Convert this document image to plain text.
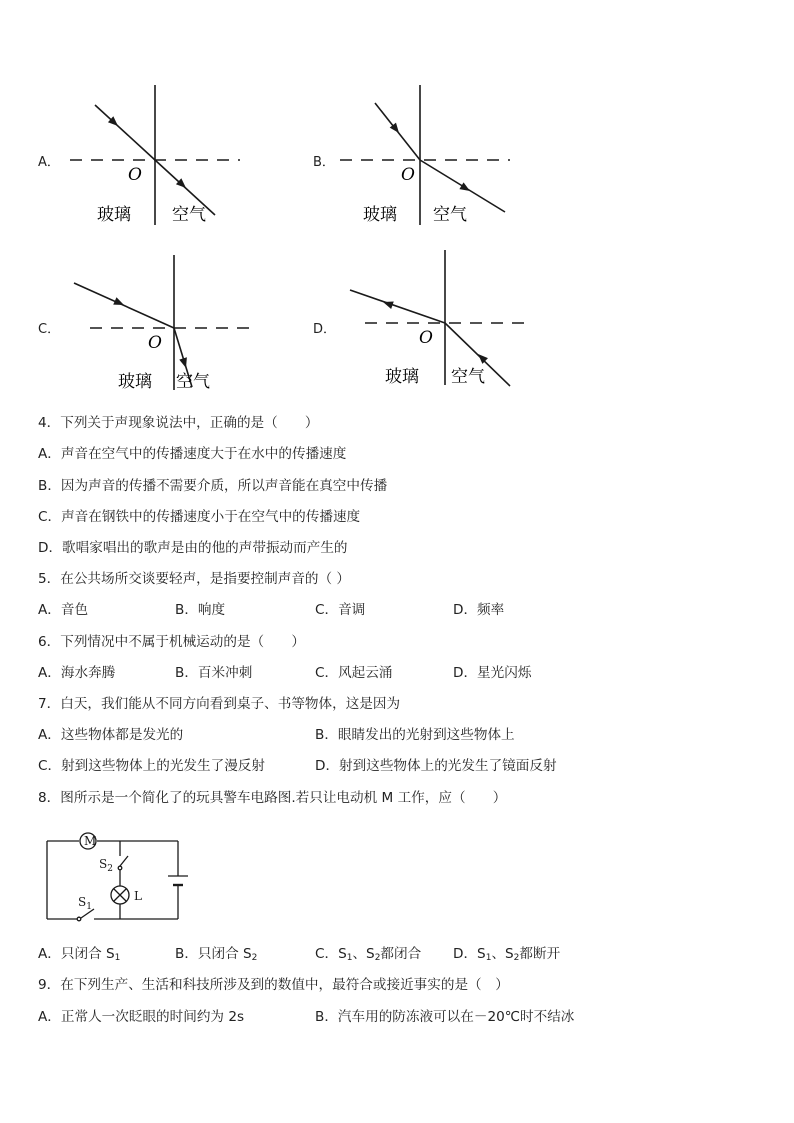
A．
O
玻璃 空气
B．
O
玻璃 空气
C．
O
玻璃 空气
D．	O
玻璃 空气
4．下列关于声现象说法中，正确的是（　　）
A．声音在空气中的传播速度大于在水中的传播速度
B．因为声音的传播不需要介质，所以声音能在真空中传播
C．声音在钢铁中的传播速度小于在空气中的传播速度
D．歌唱家唱出的歌声是由的他的声带振动而产生的
5．在公共场所交谈要轻声，是指要控制声音的（ ）
A．音色	B．响度	C．音调	D．频率
6．下列情况中不属于机械运动的是（　　）
A．海水奔腾	B．百米冲刺	C．风起云涌	D．星光闪烁
7．白天，我们能从不同方向看到桌子、书等物体，这是因为
A．这些物体都是发光的	B．眼睛发出的光射到这些物体上
C．射到这些物体上的光发生了漫反射	D．射到这些物体上的光发生了镜面反射
8．图所示是一个简化了的玩具警车电路图.若只让电动机 M 工作，应（　　）
M
L
$S_2$
$S_1$
A．只闭合 $S_1$	B．只闭合 $S_2$	C．$S_1$、$S_2$都闭合 D．$S_1$、$S_2$都断开
9．在下列生产、生活和科技所涉及到的数值中，最符合或接近事实的是（　）
A．正常人一次眨眼的时间约为 2s	B．汽车用的防冻液可以在－20℃时不结冰
